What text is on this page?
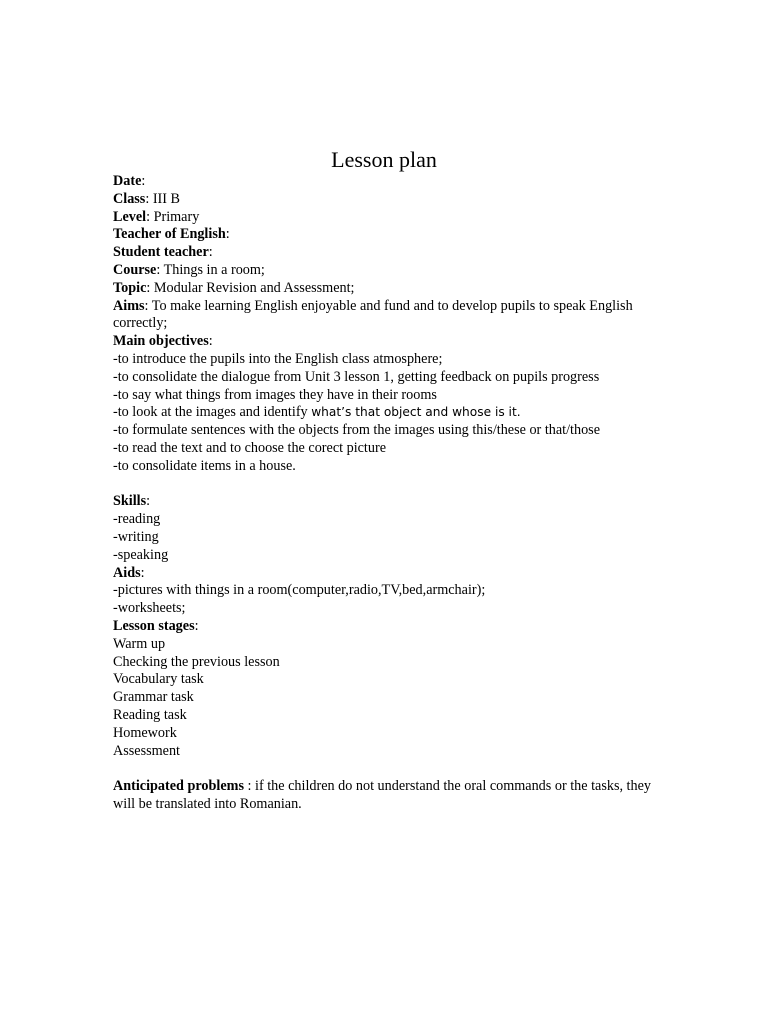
Lesson plan
Date:
Class: III B
Level: Primary
Teacher of English:
Student teacher:
Course: Things in a room;
Topic: Modular Revision and Assessment;
Aims: To make learning English enjoyable and fund and to develop pupils to speak English correctly;
Main objectives:
-to introduce the pupils into the English class atmosphere;
-to consolidate the dialogue from Unit 3 lesson 1, getting feedback on pupils progress
-to say what things from images they have in their rooms
-to look at the images and identify what’s that object and whose is it.
-to formulate sentences with the objects from the images using this/these or that/those
-to read the text and to choose the corect picture
-to consolidate items in a house.
Skills:
-reading
-writing
-speaking
Aids:
-pictures with things in a room(computer,radio,TV,bed,armchair);
-worksheets;
Lesson stages:
Warm up
Checking the previous lesson
Vocabulary task
Grammar task
Reading task
Homework
Assessment
Anticipated problems : if the children do not understand the oral commands or the tasks, they will be translated into Romanian.
